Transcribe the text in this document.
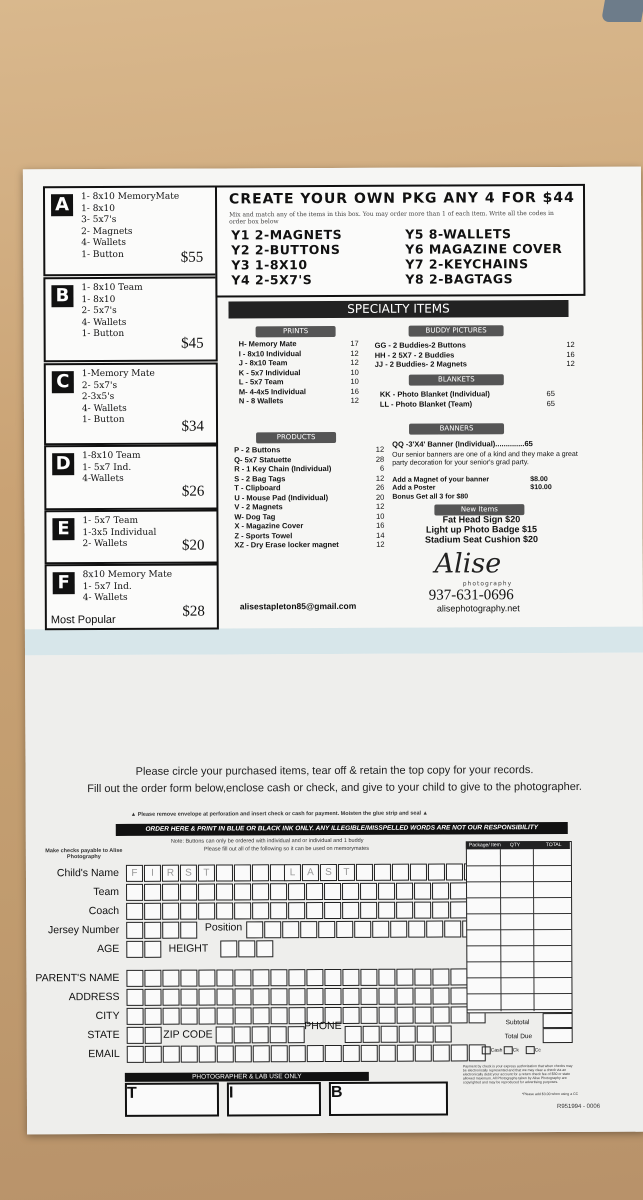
A	1- 8x10 MemoryMate
1- 8x10
3- 5x7's
2- Magnets
4- Wallets
1- Button	$55
B	1- 8x10 Team
1- 8x10
2- 5x7's
4- Wallets
1- Button
$45
C	1-Memory Mate
2- 5x7's
2-3x5's
4- Wallets
1- Button	$34
D	1-8x10 Team
1- 5x7 Ind.
4-Wallets
$26
E	1- 5x7 Team
1-3x5 Individual
2- Wallets	$20
F	8x10 Memory Mate
1- 5x7 Ind.
4- Wallets
$28
Most Popular
CREATE YOUR OWN PKG ANY 4 FOR $44
Mix and match any of the items in this box. You may order more than 1 of each item. Write all the codes in order box below
Y1 2-MAGNETS
Y2 2-BUTTONS
Y3 1-8X10
Y4 2-5X7'S
Y5 8-WALLETS
Y6 MAGAZINE COVER
Y7 2-KEYCHAINS
Y8 2-BAGTAGS
SPECIALTY ITEMS
PRINTS
H- Memory Mate	17
I - 8x10 Individual	12
J - 8x10 Team	12
K - 5x7 Individual	10
L - 5x7 Team	10
M- 4-4x5 Individual	16
N - 8 Wallets	12
PRODUCTS
P - 2 Buttons	12
Q- 5x7 Statuette	28
R - 1 Key Chain (Individual)	6
S - 2 Bag Tags	12
T - Clipboard	26
U - Mouse Pad (Individual)	20
V - 2 Magnets	12
W- Dog Tag	10
X - Magazine Cover	16
Z - Sports Towel	14
XZ - Dry Erase locker magnet	12
BUDDY PICTURES
GG - 2 Buddies-2 Buttons	12
HH - 2 5X7 - 2 Buddies	16
JJ - 2 Buddies- 2 Magnets	12
BLANKETS
KK - Photo Blanket (Individual)	65
LL - Photo Blanket (Team)	65
BANNERS
QQ -3'X4' Banner (Individual)..............65
Our senior banners are one of a kind and they make a great party decoration for your senior's grad party.
Add a Magnet of your banner	$8.00
Add a Poster	$10.00
Bonus Get all 3 for $80
New Items
Fat Head Sign $20
Light up Photo Badge $15
Stadium Seat Cushion $20
Alise
photography
937-631-0696
alisephotography.net
alisestapleton85@gmail.com
Please circle your purchased items, tear off & retain the top copy for your records.
Fill out the order form below,enclose cash or check, and give to your child to give to the photographer.
▲ Please remove envelope at perforation and insert check or cash for payment. Moisten the glue strip and seal ▲
ORDER HERE & PRINT IN BLUE OR BLACK INK ONLY. ANY ILLEGIBLE/MISSPELLED WORDS ARE NOT OUR RESPONSIBILITY
Note: Buttons can only be ordered with individual and or individual and 1 buddy
Please fill out all of the following so it can be used on memorymates
Make checks payable to Alise Photography
Child's Name	F	I	R	S	T	L	A	S	T
Team
Coach
Jersey Number	Position
AGE	HEIGHT
PARENT'S NAME
ADDRESS
CITY
STATE	ZIP CODE
PHONE
EMAIL
Package/ Item QTY	TOTAL
Subtotal
Total Due
Cash	Ck	Cc
Payment by check is your express authorization that when checks may be electronically represented and that we may clear a check via an electronically debit your account for a return check fee of $30 or state allowed maximum. All Photographs taken by Alise Photography are copyrighted and may be reproduced for advertising purposes.
*Please add $3.00 when using a CC
R951994 - 0006
PHOTOGRAPHER & LAB USE ONLY
T	I	B
